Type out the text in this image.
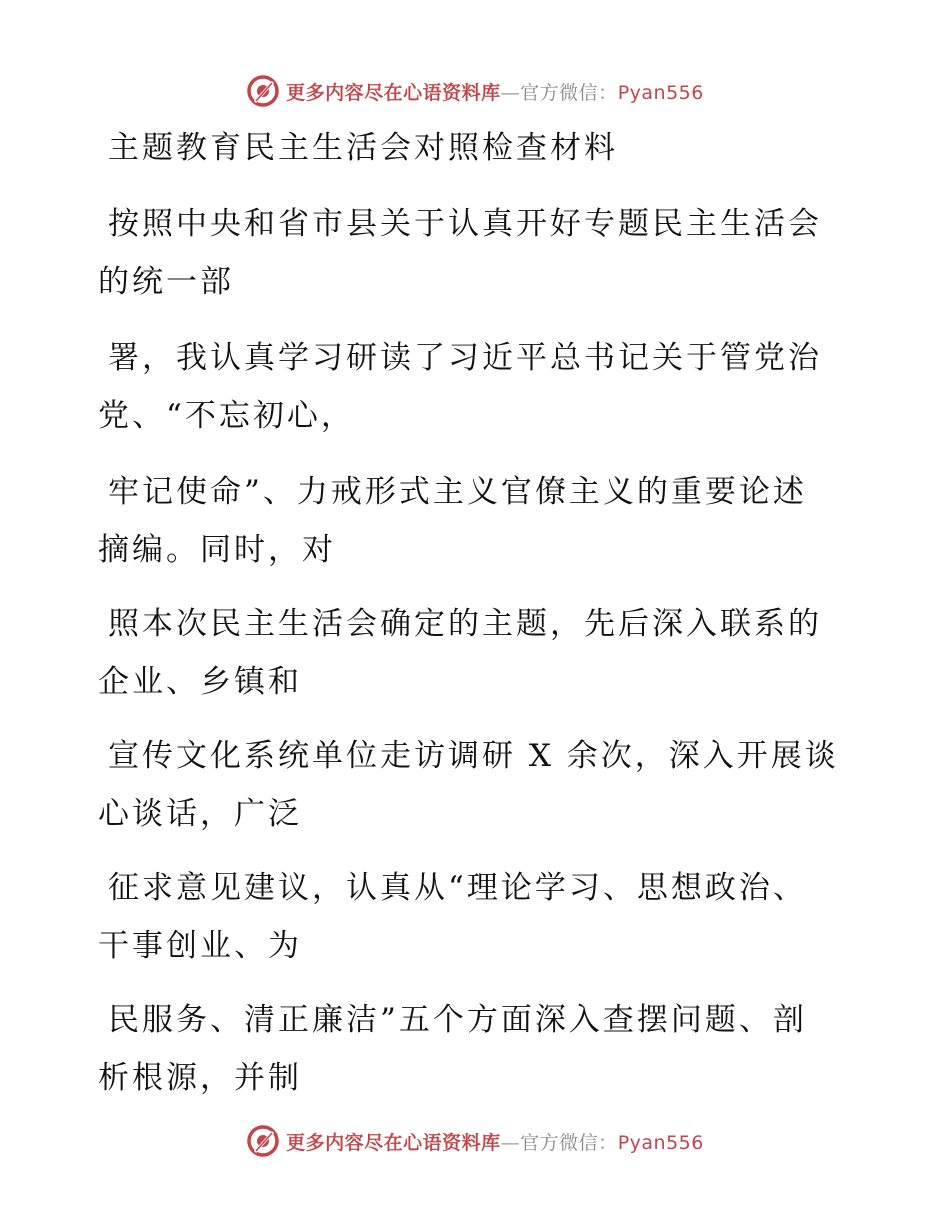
更多内容尽在心语资料库—官方微信：Pyan556
主题教育民主生活会对照检查材料
按照中央和省市县关于认真开好专题民主生活会
的统一部
署，我认真学习研读了习近平总书记关于管党治
党、“不忘初心，
牢记使命”、力戒形式主义官僚主义的重要论述
摘编。同时，对
照本次民主生活会确定的主题，先后深入联系的
企业、乡镇和
宣传文化系统单位走访调研 X 余次，深入开展谈
心谈话，广泛
征求意见建议，认真从“理论学习、思想政治、
干事创业、为
民服务、清正廉洁”五个方面深入查摆问题、剖
析根源，并制
更多内容尽在心语资料库—官方微信：Pyan556
